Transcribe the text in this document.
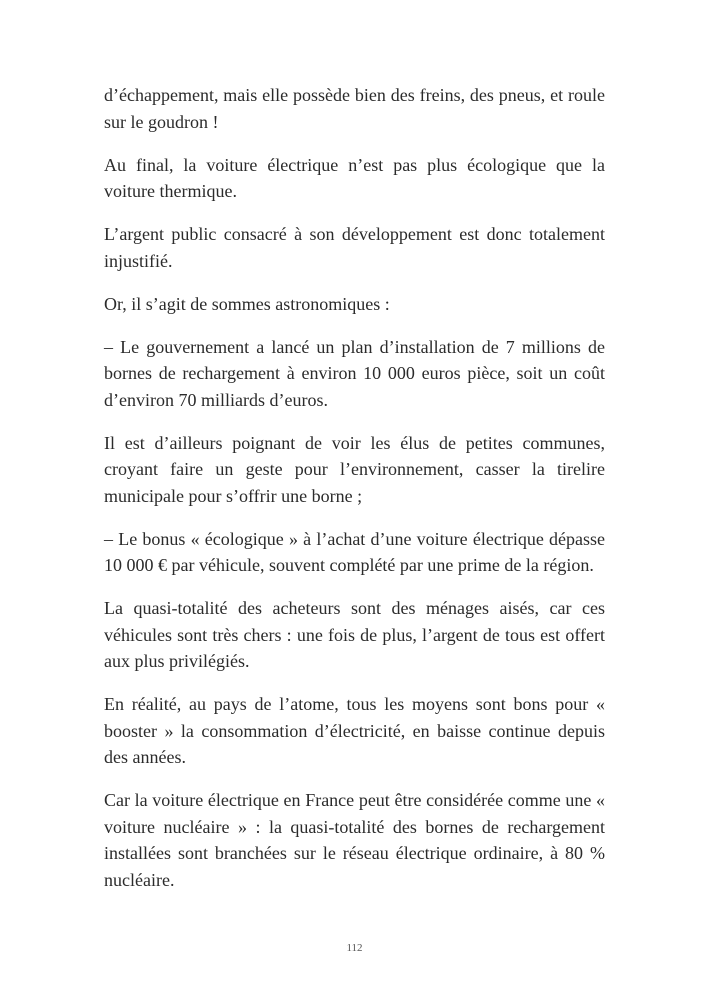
d’échappement, mais elle possède bien des freins, des pneus, et roule sur le goudron !

Au final, la voiture électrique n’est pas plus écologique que la voiture thermique.

L’argent public consacré à son développement est donc totalement injustifié.

Or, il s’agit de sommes astronomiques :

– Le gouvernement a lancé un plan d’installation de 7 millions de bornes de rechargement à environ 10 000 euros pièce, soit un coût d’environ 70 milliards d’euros.

Il est d’ailleurs poignant de voir les élus de petites communes, croyant faire un geste pour l’environnement, casser la tirelire municipale pour s’offrir une borne ;

– Le bonus « écologique » à l’achat d’une voiture électrique dépasse 10 000 € par véhicule, souvent complété par une prime de la région.

La quasi-totalité des acheteurs sont des ménages aisés, car ces véhicules sont très chers : une fois de plus, l’argent de tous est offert aux plus privilégiés.

En réalité, au pays de l’atome, tous les moyens sont bons pour « booster » la consommation d’électricité, en baisse continue depuis des années.

Car la voiture électrique en France peut être considérée comme une « voiture nucléaire » : la quasi-totalité des bornes de rechargement installées sont branchées sur le réseau électrique ordinaire, à 80 % nucléaire.

112
